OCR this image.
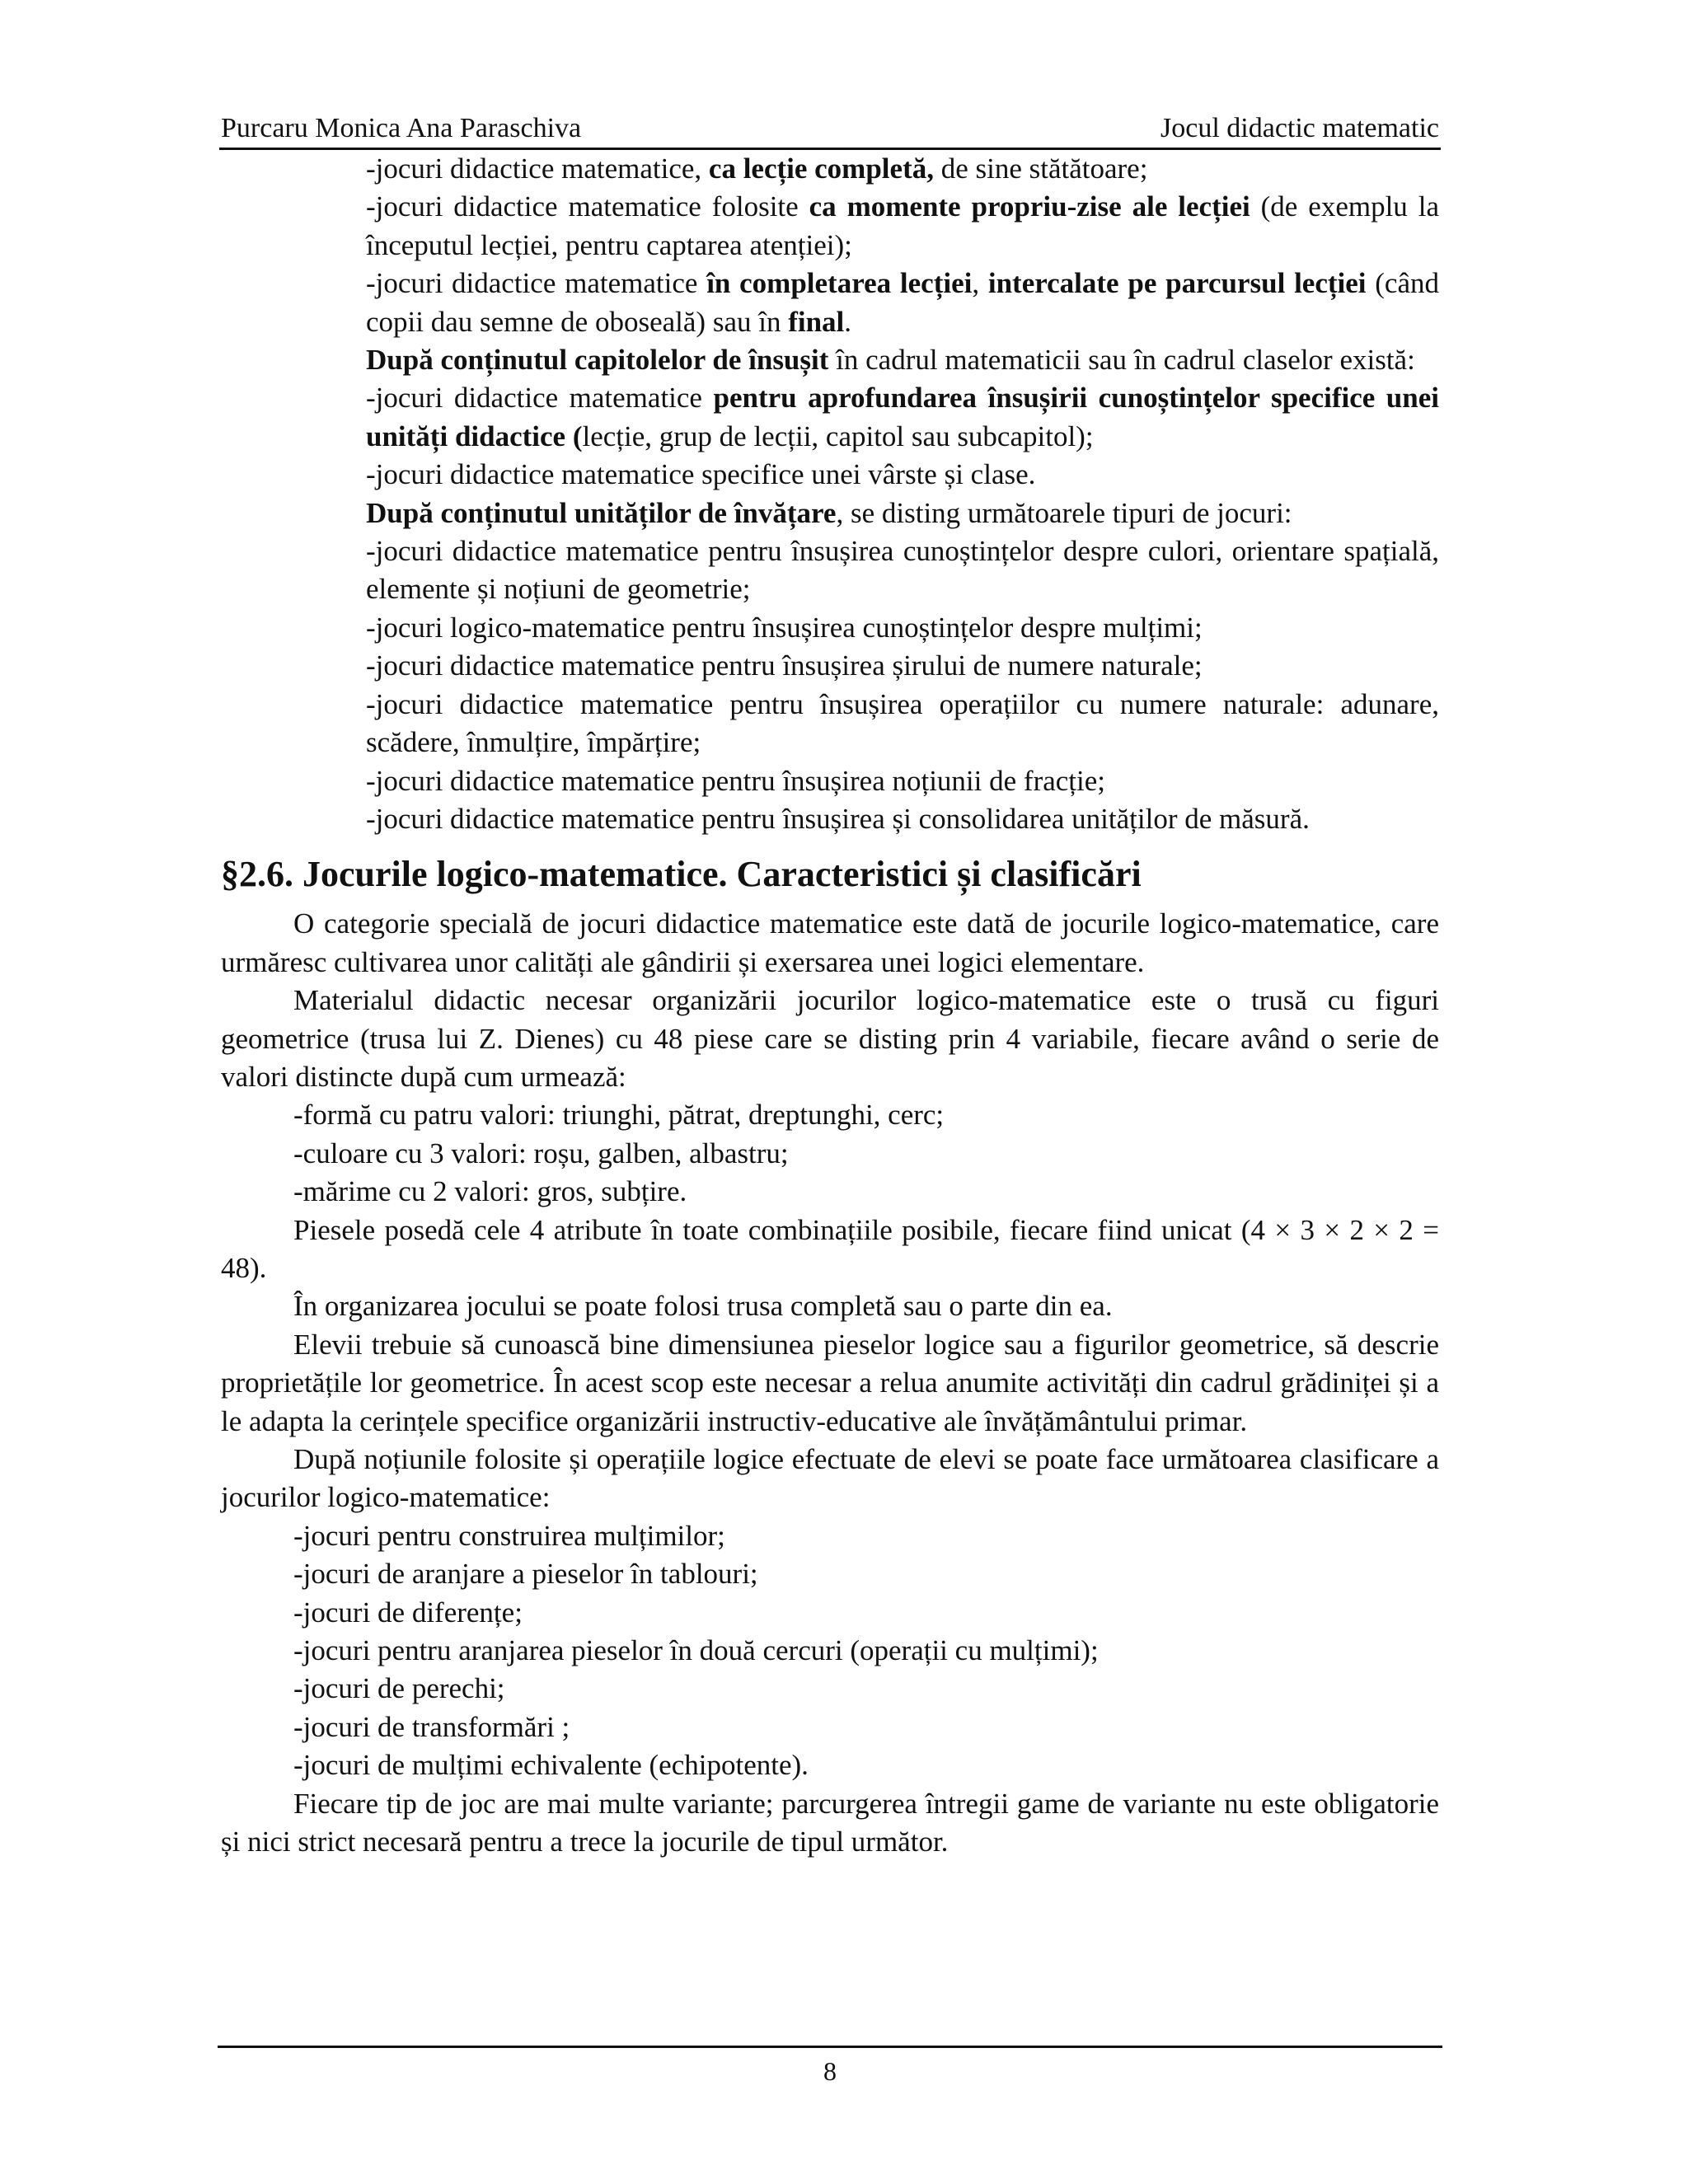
Purcaru Monica Ana Paraschiva	Jocul didactic matematic

-jocuri didactice matematice, ca lecție completă, de sine stătătoare;

-jocuri didactice matematice folosite ca momente propriu-zise ale lecției (de exemplu la începutul lecției, pentru captarea atenției);

-jocuri didactice matematice în completarea lecției, intercalate pe parcursul lecției (când copii dau semne de oboseală) sau în final.

După conținutul capitolelor de însușit în cadrul matematicii sau în cadrul claselor există:

-jocuri didactice matematice pentru aprofundarea însușirii cunoștințelor specifice unei unități didactice (lecție, grup de lecții, capitol sau subcapitol);

-jocuri didactice matematice specifice unei vârste și clase.

După conținutul unităților de învățare, se disting următoarele tipuri de jocuri:

-jocuri didactice matematice pentru însușirea cunoștințelor despre culori, orientare spațială, elemente și noțiuni de geometrie;

-jocuri logico-matematice pentru însușirea cunoștințelor despre mulțimi;

-jocuri didactice matematice pentru însușirea șirului de numere naturale;

-jocuri didactice matematice pentru însușirea operațiilor cu numere naturale: adunare, scădere, înmulțire, împărțire;

-jocuri didactice matematice pentru însușirea noțiunii de fracție;

-jocuri didactice matematice pentru însușirea și consolidarea unităților de măsură.

§2.6. Jocurile logico-matematice. Caracteristici și clasificări

O categorie specială de jocuri didactice matematice este dată de jocurile logico-matematice, care urmăresc cultivarea unor calități ale gândirii și exersarea unei logici elementare.

Materialul didactic necesar organizării jocurilor logico-matematice este o trusă cu figuri geometrice (trusa lui Z. Dienes) cu 48 piese care se disting prin 4 variabile, fiecare având o serie de valori distincte după cum urmează:

-formă cu patru valori: triunghi, pătrat, dreptunghi, cerc;

-culoare cu 3 valori: roșu, galben, albastru;

-mărime cu 2 valori: gros, subțire.

Piesele posedă cele 4 atribute în toate combinațiile posibile, fiecare fiind unicat (4 × 3 × 2 × 2 = 48).

În organizarea jocului se poate folosi trusa completă sau o parte din ea.

Elevii trebuie să cunoască bine dimensiunea pieselor logice sau a figurilor geometrice, să descrie proprietățile lor geometrice. În acest scop este necesar a relua anumite activități din cadrul grădiniței și a le adapta la cerințele specifice organizării instructiv-educative ale învățământului primar.

După noțiunile folosite și operațiile logice efectuate de elevi se poate face următoarea clasificare a jocurilor logico-matematice:

-jocuri pentru construirea mulțimilor;

-jocuri de aranjare a pieselor în tablouri;

-jocuri de diferențe;

-jocuri pentru aranjarea pieselor în două cercuri (operații cu mulțimi);

-jocuri de perechi;

-jocuri de transformări ;

-jocuri de mulțimi echivalente (echipotente).

Fiecare tip de joc are mai multe variante; parcurgerea întregii game de variante nu este obligatorie și nici strict necesară pentru a trece la jocurile de tipul următor.

8
